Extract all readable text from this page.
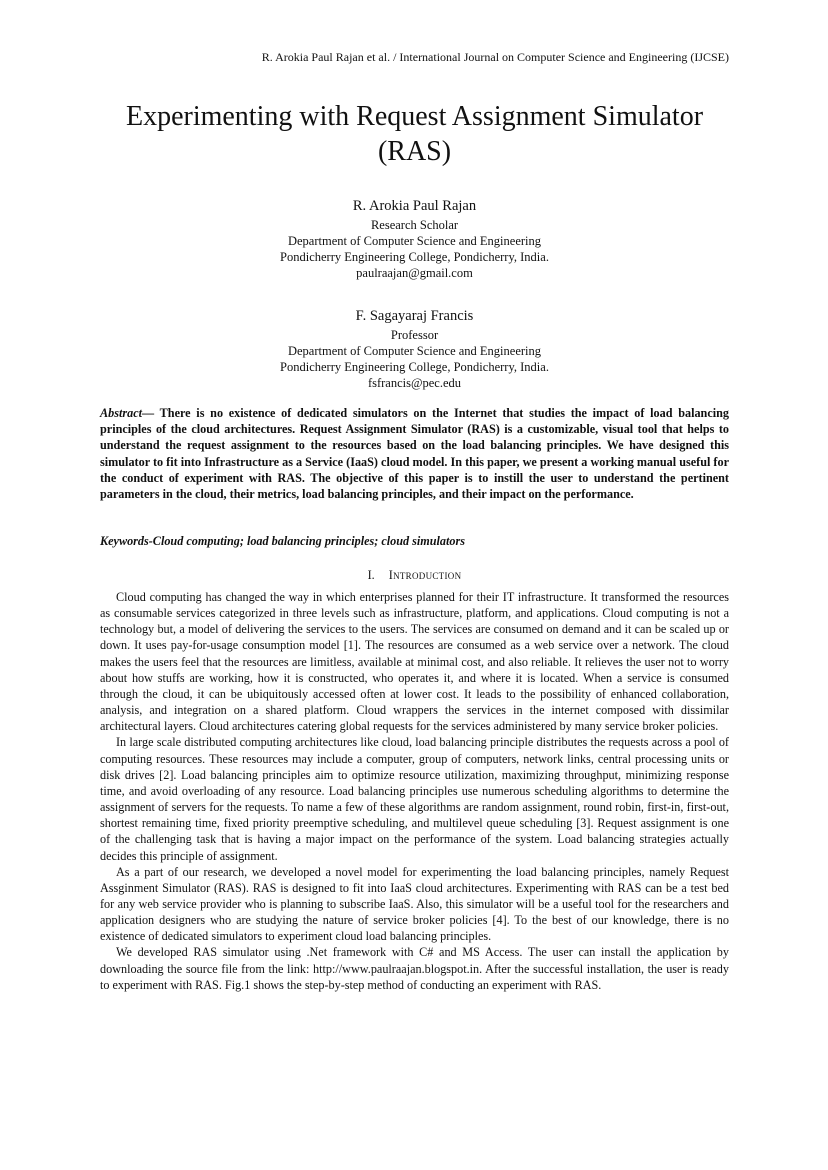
R. Arokia Paul Rajan et al. / International Journal on Computer Science and Engineering (IJCSE)
Experimenting with Request Assignment Simulator
(RAS)
R. Arokia Paul Rajan
Research Scholar
Department of Computer Science and Engineering
Pondicherry Engineering College, Pondicherry, India.
paulraajan@gmail.com
F. Sagayaraj Francis
Professor
Department of Computer Science and Engineering
Pondicherry Engineering College, Pondicherry, India.
fsfrancis@pec.edu

Abstract— There is no existence of dedicated simulators on the Internet that studies the impact of load balancing principles of the cloud architectures. Request Assignment Simulator (RAS) is a customizable, visual tool that helps to understand the request assignment to the resources based on the load balancing principles. We have designed this simulator to fit into Infrastructure as a Service (IaaS) cloud model. In this paper, we present a working manual useful for the conduct of experiment with RAS. The objective of this paper is to instill the user to understand the pertinent parameters in the cloud, their metrics, load balancing principles, and their impact on the performance.

Keywords-Cloud computing; load balancing principles; cloud simulators

I. Introduction

Cloud computing has changed the way in which enterprises planned for their IT infrastructure. It transformed the resources as consumable services categorized in three levels such as infrastructure, platform, and applications. Cloud computing is not a technology but, a model of delivering the services to the users. The services are consumed on demand and it can be scaled up or down. It uses pay-for-usage consumption model [1]. The resources are consumed as a web service over a network. The cloud makes the users feel that the resources are limitless, available at minimal cost, and also reliable. It relieves the user not to worry about how stuffs are working, how it is constructed, who operates it, and where it is located. When a service is consumed through the cloud, it can be ubiquitously accessed often at lower cost. It leads to the possibility of enhanced collaboration, analysis, and integration on a shared platform. Cloud wrappers the services in the internet composed with dissimilar architectural layers. Cloud architectures catering global requests for the services administered by many service broker policies.

In large scale distributed computing architectures like cloud, load balancing principle distributes the requests across a pool of computing resources. These resources may include a computer, group of computers, network links, central processing units or disk drives [2]. Load balancing principles aim to optimize resource utilization, maximizing throughput, minimizing response time, and avoid overloading of any resource. Load balancing principles use numerous scheduling algorithms to determine the assignment of servers for the requests. To name a few of these algorithms are random assignment, round robin, first-in, first-out, shortest remaining time, fixed priority preemptive scheduling, and multilevel queue scheduling [3]. Request assignment is one of the challenging task that is having a major impact on the performance of the system. Load balancing strategies actually decides this principle of assignment.

As a part of our research, we developed a novel model for experimenting the load balancing principles, namely Request Assginment Simulator (RAS). RAS is designed to fit into IaaS cloud architectures. Experimenting with RAS can be a test bed for any web service provider who is planning to subscribe IaaS. Also, this simulator will be a useful tool for the researchers and application designers who are studying the nature of service broker policies [4]. To the best of our knowledge, there is no existence of dedicated simulators to experiment cloud load balancing principles.

We developed RAS simulator using .Net framework with C# and MS Access. The user can install the application by downloading the source file from the link: http://www.paulraajan.blogspot.in. After the successful installation, the user is ready to experiment with RAS. Fig.1 shows the step-by-step method of conducting an experiment with RAS.
